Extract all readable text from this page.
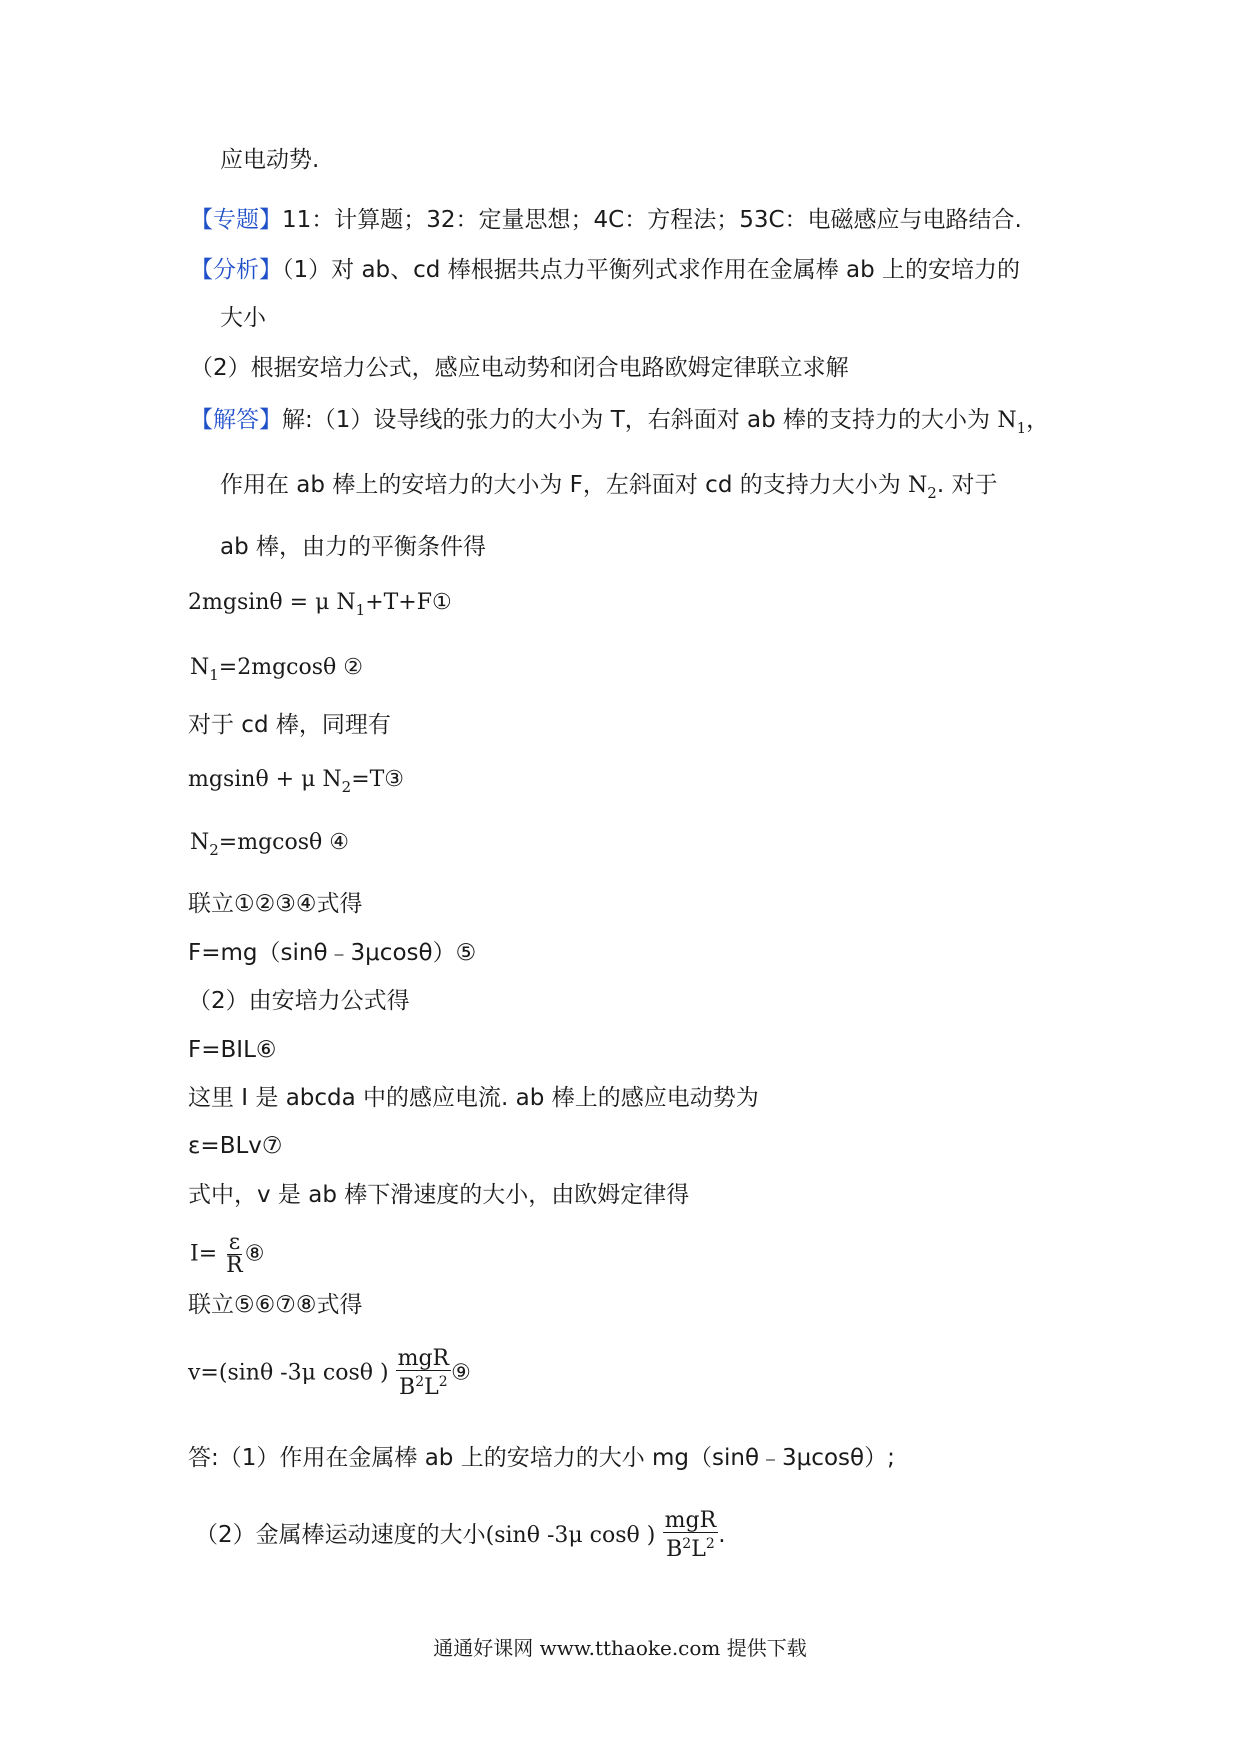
应电动势.
【专题】11：计算题；32：定量思想；4C：方程法；53C：电磁感应与电路结合.
【分析】（1）对 ab、cd 棒根据共点力平衡列式求作用在金属棒 ab 上的安培力的
大小
（2）根据安培力公式，感应电动势和闭合电路欧姆定律联立求解
【解答】解:（1）设导线的张力的大小为 T，右斜面对 ab 棒的支持力的大小为 $N_1$，
作用在 ab 棒上的安培力的大小为 F，左斜面对 cd 的支持力大小为 $N_2$. 对于
ab 棒，由力的平衡条件得
2mgsinθ = μ $N_1+T+F①$
$N_1=2mgcos\theta$ ②
对于 cd 棒，同理有
mgsinθ + μ $N_2=T③$
$N_2=mgcos\theta$ ④
联立①②③④式得
F=mg（sinθ﹣3μcosθ）⑤
（2）由安培力公式得
F=BIL⑥
这里 I 是 abcda 中的感应电流. ab 棒上的感应电动势为
ε=BLv⑦
式中，v 是 ab 棒下滑速度的大小，由欧姆定律得
$I= \frac{\varepsilon}{R}$ ⑧
联立⑤⑥⑦⑧式得
v=(sinθ -3μ cosθ ) $\frac{\text{mgR}}{B^2L^2}$ ⑨
答:（1）作用在金属棒 ab 上的安培力的大小 mg（sinθ﹣3μcosθ）;
（2）金属棒运动速度的大小(sinθ -3μ cosθ ) $\frac{\text{mgR}}{B^2L^2}$ .
通通好课网 www.tthaoke.com 提供下载
